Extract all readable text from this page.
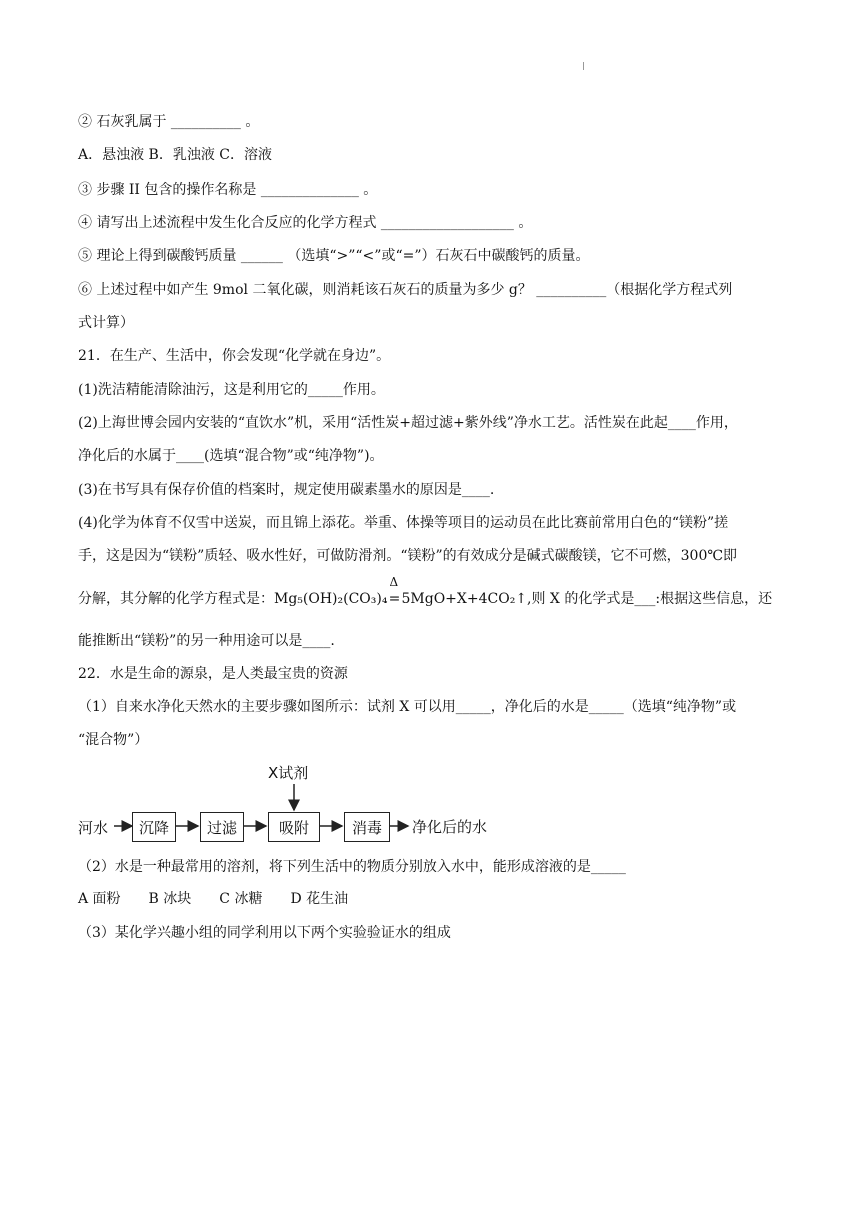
② 石灰乳属于 __________ 。
A．悬浊液 B．乳浊液 C．溶液
③ 步骤 II 包含的操作名称是 ______________ 。
④ 请写出上述流程中发生化合反应的化学方程式 ___________________ 。
⑤ 理论上得到碳酸钙质量 ______ （选填“>”“<”或“=”）石灰石中碳酸钙的质量。
⑥ 上述过程中如产生 9mol 二氧化碳，则消耗该石灰石的质量为多少 g？ __________（根据化学方程式列
式计算）
21．在生产、生活中，你会发现“化学就在身边”。
(1)洗洁精能清除油污，这是利用它的_____作用。
(2)上海世博会园内安装的“直饮水”机，采用“活性炭+超过滤+紫外线”净水工艺。活性炭在此起____作用，
净化后的水属于____(选填“混合物”或“纯净物”)。
(3)在书写具有保存价值的档案时，规定使用碳素墨水的原因是____.
(4)化学为体育不仅雪中送炭，而且锦上添花。举重、体操等项目的运动员在此比赛前常用白色的“镁粉”搓
手，这是因为“镁粉”质轻、吸水性好，可做防滑剂。“镁粉”的有效成分是碱式碳酸镁，它不可燃，300℃即
分解，其分解的化学方程式是：Mg₅(OH)₂(CO₃)₄
Δ
=5MgO+X+4CO₂↑,则 X 的化学式是___:根据这些信息，还
能推断出“镁粉”的另一种用途可以是____.
22．水是生命的源泉，是人类最宝贵的资源
（1）自来水净化天然水的主要步骤如图所示：试剂 X 可以用_____，净化后的水是_____（选填“纯净物”或
“混合物”）
X试剂
河水	沉降	过滤	吸附	消毒	净化后的水
（2）水是一种最常用的溶剂，将下列生活中的物质分别放入水中，能形成溶液的是_____
A 面粉　　B 冰块　　C 冰糖　　D 花生油
（3）某化学兴趣小组的同学利用以下两个实验验证水的组成
